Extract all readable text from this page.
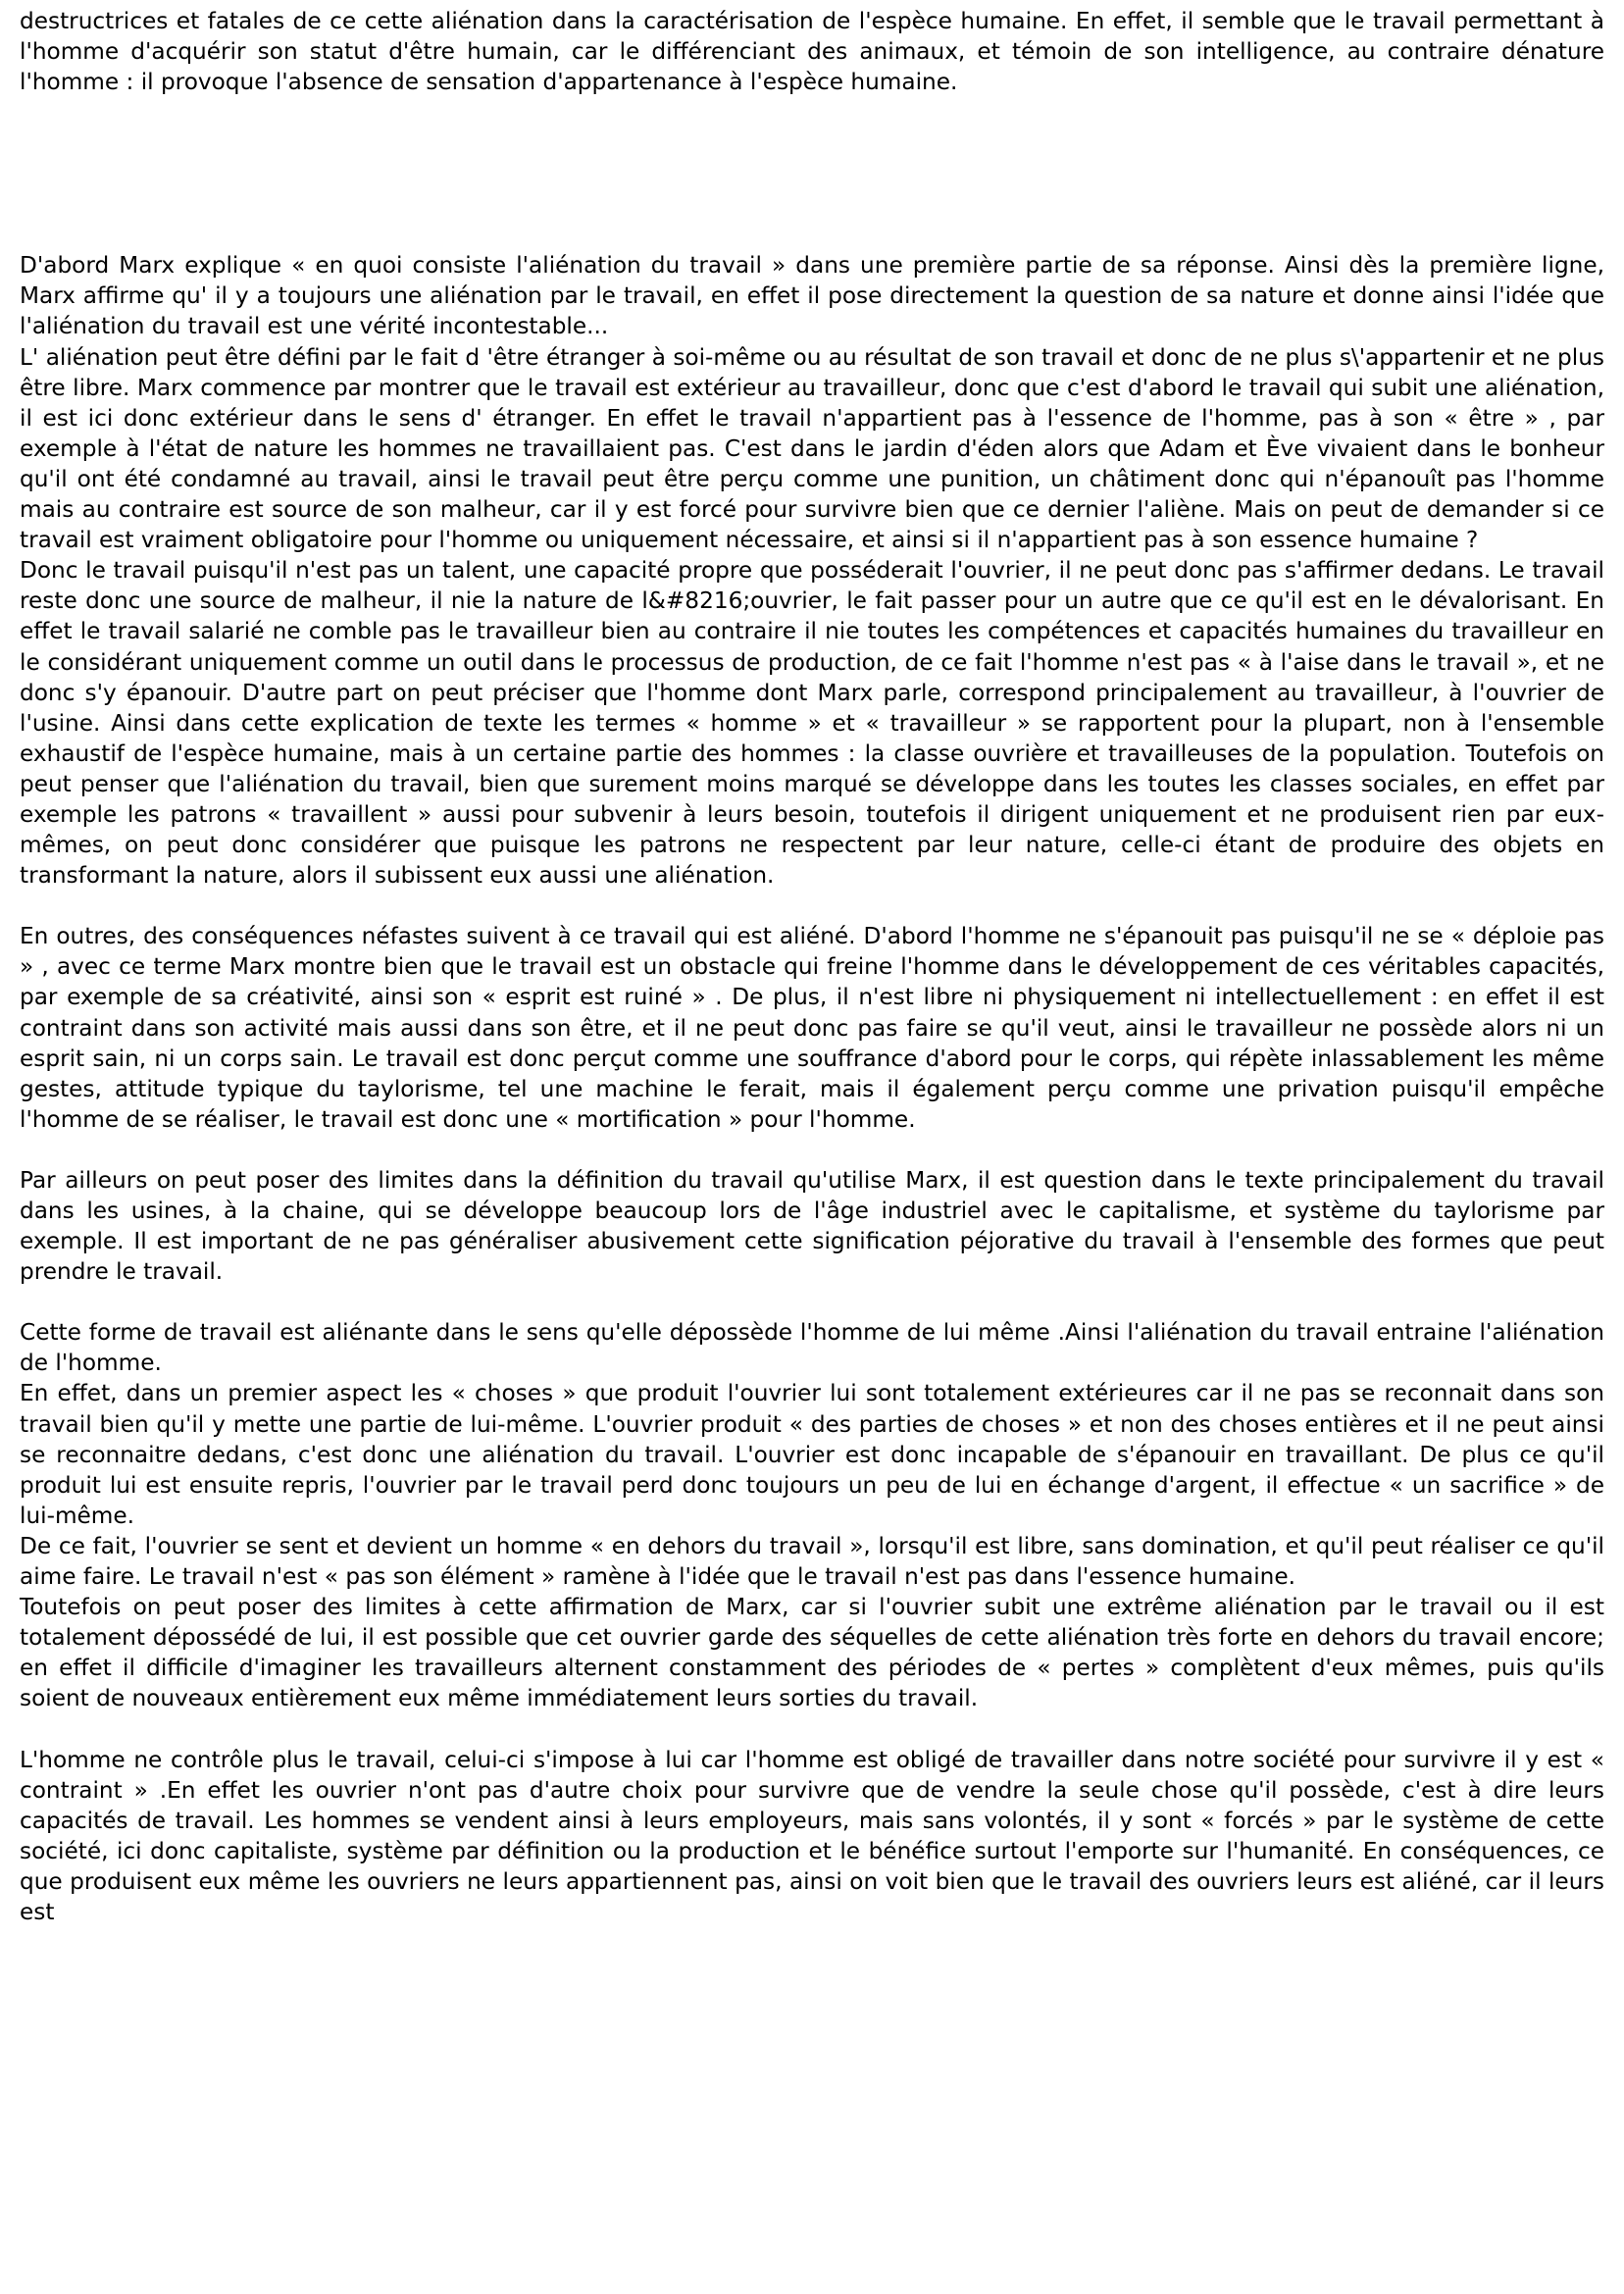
destructrices et fatales de ce cette aliénation dans la caractérisation de l'espèce humaine. En effet, il semble que le travail permettant à l'homme d'acquérir son statut d'être humain, car le différenciant des animaux, et témoin de son intelligence, au contraire dénature l'homme : il provoque l'absence de sensation d'appartenance à l'espèce humaine.

D'abord Marx explique « en quoi consiste l'aliénation du travail » dans une première partie de sa réponse. Ainsi dès la première ligne, Marx affirme qu' il y a toujours une aliénation par le travail, en effet il pose directement la question de sa nature et donne ainsi l'idée que l'aliénation du travail est une vérité incontestable...

L' aliénation peut être défini par le fait d 'être étranger à soi-même ou au résultat de son travail et donc de ne plus s\'appartenir et ne plus être libre. Marx commence par montrer que le travail est extérieur au travailleur, donc que c'est d'abord le travail qui subit une aliénation, il est ici donc extérieur dans le sens d' étranger. En effet le travail n'appartient pas à l'essence de l'homme, pas à son « être » , par exemple à l'état de nature les hommes ne travaillaient pas. C'est dans le jardin d'éden alors que Adam et Ève vivaient dans le bonheur qu'il ont été condamné au travail, ainsi le travail peut être perçu comme une punition, un châtiment donc qui n'épanouît pas l'homme mais au contraire est source de son malheur, car il y est forcé pour survivre bien que ce dernier l'aliène. Mais on peut de demander si ce travail est vraiment obligatoire pour l'homme ou uniquement nécessaire, et ainsi si il n'appartient pas à son essence humaine ?

Donc le travail puisqu'il n'est pas un talent, une capacité propre que posséderait l'ouvrier, il ne peut donc pas s'affirmer dedans. Le travail reste donc une source de malheur, il nie la nature de l&#8216;ouvrier, le fait passer pour un autre que ce qu'il est en le dévalorisant. En effet le travail salarié ne comble pas le travailleur bien au contraire il nie toutes les compétences et capacités humaines du travailleur en le considérant uniquement comme un outil dans le processus de production, de ce fait l'homme n'est pas « à l'aise dans le travail », et ne donc s'y épanouir. D'autre part on peut préciser que l'homme dont Marx parle, correspond principalement au travailleur, à l'ouvrier de l'usine. Ainsi dans cette explication de texte les termes « homme » et « travailleur » se rapportent pour la plupart, non à l'ensemble exhaustif de l'espèce humaine, mais à un certaine partie des hommes : la classe ouvrière et travailleuses de la population. Toutefois on peut penser que l'aliénation du travail, bien que surement moins marqué se développe dans les toutes les classes sociales, en effet par exemple les patrons « travaillent » aussi pour subvenir à leurs besoin, toutefois il dirigent uniquement et ne produisent rien par eux-mêmes, on peut donc considérer que puisque les patrons ne respectent par leur nature, celle-ci étant de produire des objets en transformant la nature, alors il subissent eux aussi une aliénation.

En outres, des conséquences néfastes suivent à ce travail qui est aliéné. D'abord l'homme ne s'épanouit pas puisqu'il ne se « déploie pas » , avec ce terme Marx montre bien que le travail est un obstacle qui freine l'homme dans le développement de ces véritables capacités, par exemple de sa créativité, ainsi son « esprit est ruiné » . De plus, il n'est libre ni physiquement ni intellectuellement : en effet il est contraint dans son activité mais aussi dans son être, et il ne peut donc pas faire se qu'il veut, ainsi le travailleur ne possède alors ni un esprit sain, ni un corps sain. Le travail est donc perçut comme une souffrance d'abord pour le corps, qui répète inlassablement les même gestes, attitude typique du taylorisme, tel une machine le ferait, mais il également perçu comme une privation puisqu'il empêche l'homme de se réaliser, le travail est donc une « mortification » pour l'homme.

Par ailleurs on peut poser des limites dans la définition du travail qu'utilise Marx, il est question dans le texte principalement du travail dans les usines, à la chaine, qui se développe beaucoup lors de l'âge industriel avec le capitalisme, et système du taylorisme par exemple. Il est important de ne pas généraliser abusivement cette signification péjorative du travail à l'ensemble des formes que peut prendre le travail.

Cette forme de travail est aliénante dans le sens qu'elle dépossède l'homme de lui même .Ainsi l'aliénation du travail entraine l'aliénation de l'homme.

En effet, dans un premier aspect les « choses » que produit l'ouvrier lui sont totalement extérieures car il ne pas se reconnait dans son travail bien qu'il y mette une partie de lui-même. L'ouvrier produit « des parties de choses » et non des choses entières et il ne peut ainsi se reconnaitre dedans, c'est donc une aliénation du travail. L'ouvrier est donc incapable de s'épanouir en travaillant. De plus ce qu'il produit lui est ensuite repris, l'ouvrier par le travail perd donc toujours un peu de lui en échange d'argent, il effectue « un sacrifice » de lui-même.

De ce fait, l'ouvrier se sent et devient un homme « en dehors du travail », lorsqu'il est libre, sans domination, et qu'il peut réaliser ce qu'il aime faire. Le travail n'est « pas son élément » ramène à l'idée que le travail n'est pas dans l'essence humaine.

Toutefois on peut poser des limites à cette affirmation de Marx, car si l'ouvrier subit une extrême aliénation par le travail ou il est totalement dépossédé de lui, il est possible que cet ouvrier garde des séquelles de cette aliénation très forte en dehors du travail encore; en effet il difficile d'imaginer les travailleurs alternent constamment des périodes de « pertes » complètent d'eux mêmes, puis qu'ils soient de nouveaux entièrement eux même immédiatement leurs sorties du travail.

L'homme ne contrôle plus le travail, celui-ci s'impose à lui car l'homme est obligé de travailler dans notre société pour survivre il y est « contraint » .En effet les ouvrier n'ont pas d'autre choix pour survivre que de vendre la seule chose qu'il possède, c'est à dire leurs capacités de travail. Les hommes se vendent ainsi à leurs employeurs, mais sans volontés, il y sont « forcés » par le système de cette société, ici donc capitaliste, système par définition ou la production et le bénéfice surtout l'emporte sur l'humanité. En conséquences, ce que produisent eux même les ouvriers ne leurs appartiennent pas, ainsi on voit bien que le travail des ouvriers leurs est aliéné, car il leurs est
